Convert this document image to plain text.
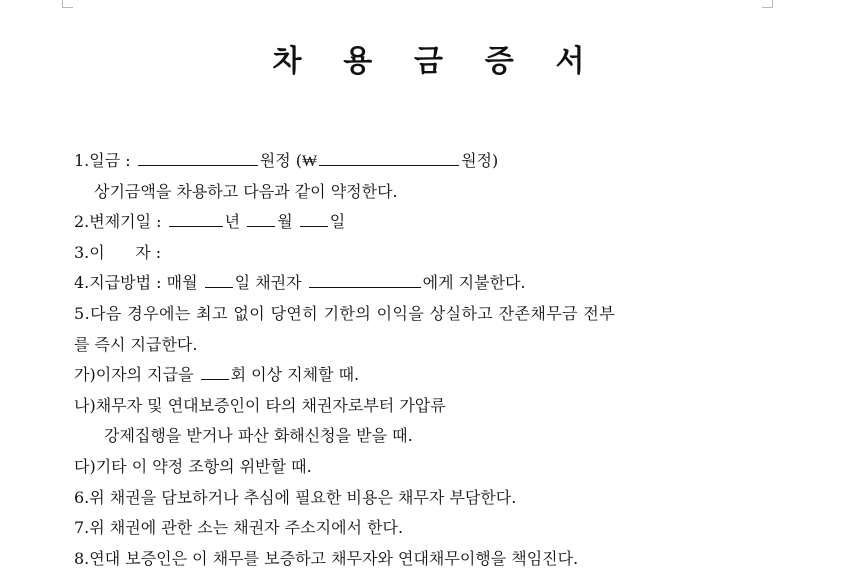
차    용    금    증    서
1.일금 :	원정 (₩	원정)
상기금액을 차용하고 다음과 같이 약정한다.
2.변제기일 :	년 월 일
3.이      자 :
4.지급방법 : 매월 일 채권자	에게 지불한다.
5.다음 경우에는 최고 없이 당연히 기한의 이익을 상실하고 잔존채무금 전부
를 즉시 지급한다.
가)이자의 지급을 회 이상 지체할 때.
나)채무자 및 연대보증인이 타의 채권자로부터 가압류
강제집행을 받거나 파산 화해신청을 받을 때.
다)기타 이 약정 조항의 위반할 때.
6.위 채권을 담보하거나 추심에 필요한 비용은 채무자 부담한다.
7.위 채권에 관한 소는 채권자 주소지에서 한다.
8.연대 보증인은 이 채무를 보증하고 채무자와 연대채무이행을 책임진다.
